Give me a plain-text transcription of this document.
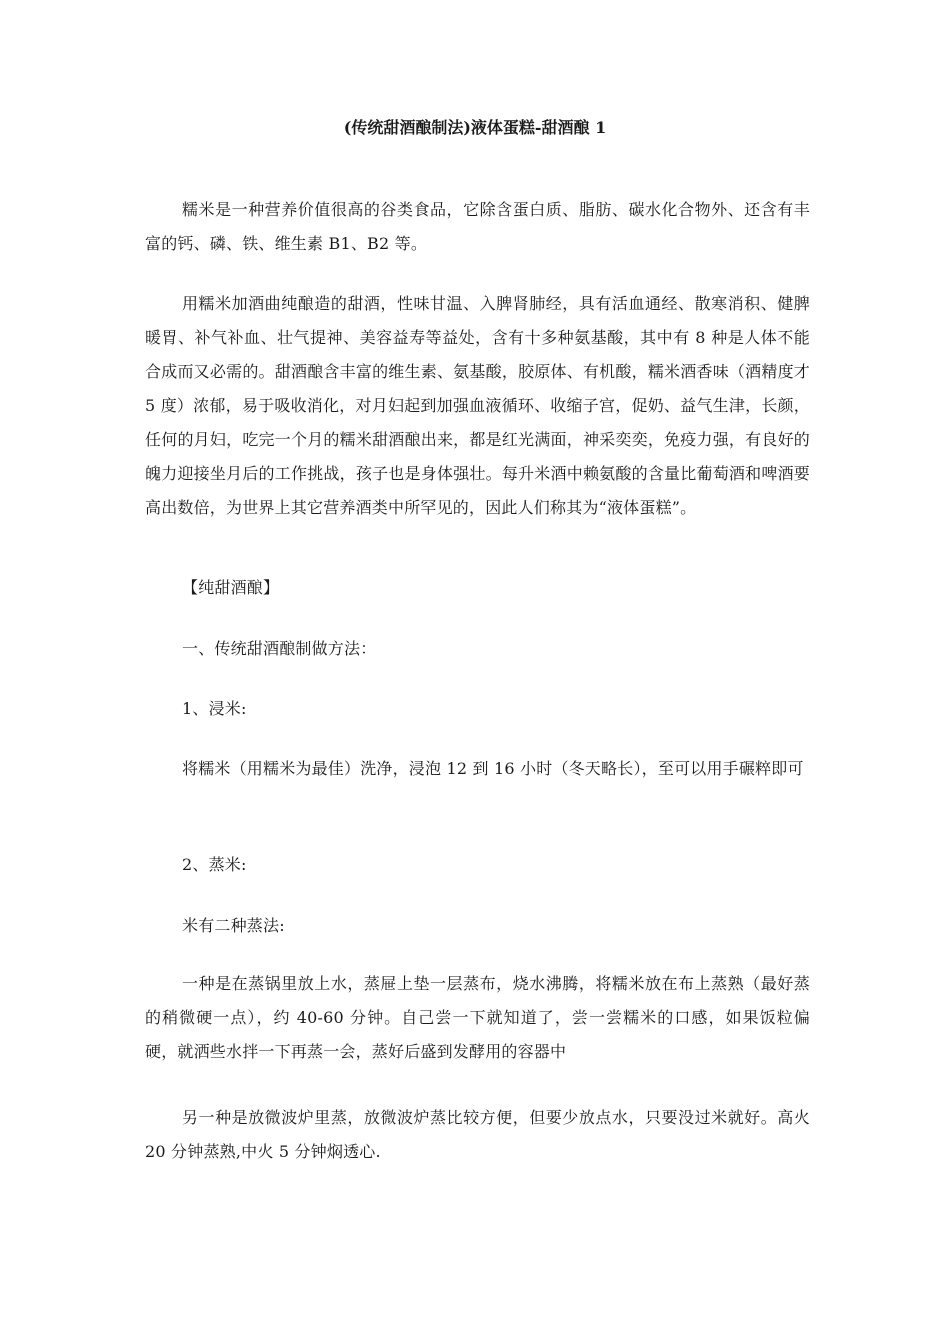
(传统甜酒酿制法)液体蛋糕-甜酒酿 1

糯米是一种营养价值很高的谷类食品，它除含蛋白质、脂肪、碳水化合物外、还含有丰富的钙、磷、铁、维生素 B1、B2 等。

用糯米加酒曲纯酿造的甜酒，性味甘温、入脾肾肺经，具有活血通经、散寒消积、健脾暖胃、补气补血、壮气提神、美容益寿等益处，含有十多种氨基酸，其中有 8 种是人体不能合成而又必需的。甜酒酿含丰富的维生素、氨基酸，胶原体、有机酸，糯米酒香味（酒精度才 5 度）浓郁，易于吸收消化，对月妇起到加强血液循环、收缩子宫，促奶、益气生津，长颜，任何的月妇，吃完一个月的糯米甜酒酿出来，都是红光满面，神采奕奕，免疫力强，有良好的魄力迎接坐月后的工作挑战，孩子也是身体强壮。每升米酒中赖氨酸的含量比葡萄酒和啤酒要高出数倍，为世界上其它营养酒类中所罕见的，因此人们称其为“液体蛋糕”。

【纯甜酒酿】

一、传统甜酒酿制做方法：

1、浸米:

将糯米（用糯米为最佳）洗净，浸泡 12 到 16 小时（冬天略长），至可以用手碾粹即可

2、蒸米:

米有二种蒸法:

一种是在蒸锅里放上水，蒸屉上垫一层蒸布，烧水沸腾，将糯米放在布上蒸熟（最好蒸的稍微硬一点），约 40-60 分钟。自己尝一下就知道了，尝一尝糯米的口感，如果饭粒偏硬，就洒些水拌一下再蒸一会，蒸好后盛到发酵用的容器中

另一种是放微波炉里蒸，放微波炉蒸比较方便，但要少放点水，只要没过米就好。高火 20 分钟蒸熟,中火 5 分钟焖透心.
